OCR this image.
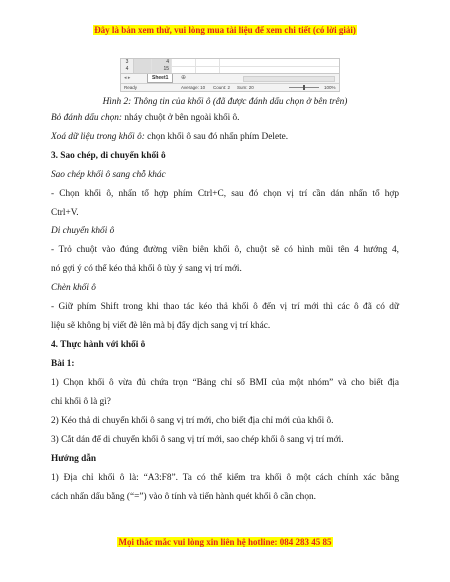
Đây là bản xem thử, vui lòng mua tài liệu để xem chi tiết (có lời giải)
3	4
4	15
◂ ▸	Sheet1	⊕
Ready	Average: 10 Count: 2 Sum: 20	100%
Hình 2: Thông tin của khối ô (đã được đánh dấu chọn ở bên trên)
Bỏ đánh dấu chọn: nháy chuột ở bên ngoài khối ô.
Xoá dữ liệu trong khối ô: chọn khối ô sau đó nhấn phím Delete.
3. Sao chép, di chuyển khối ô
Sao chép khối ô sang chỗ khác
- Chọn khối ô, nhấn tổ hợp phím Ctrl+C, sau đó chọn vị trí cần dán nhấn tổ hợp
Ctrl+V.
Di chuyển khối ô
- Trỏ chuột vào đúng đường viền biên khối ô, chuột sẽ có hình mũi tên 4 hướng 4,
nó gợi ý có thể kéo thả khối ô tùy ý sang vị trí mới.
Chèn khối ô
- Giữ phím Shift trong khi thao tác kéo thả khối ô đến vị trí mới thì các ô đã có dữ
liệu sẽ không bị viết đè lên mà bị đẩy dịch sang vị trí khác.
4. Thực hành với khối ô
Bài 1:
1) Chọn khối ô vừa đủ chứa trọn “Bảng chỉ số BMI của một nhóm” và cho biết địa
chỉ khối ô là gì?
2) Kéo thả di chuyển khối ô sang vị trí mới, cho biết địa chỉ mới của khối ô.
3) Cắt dán để di chuyển khối ô sang vị trí mới, sao chép khối ô sang vị trí mới.
Hướng dẫn
1) Địa chỉ khối ô là: “A3:F8”. Ta có thể kiểm tra khối ô một cách chính xác bằng
cách nhấn dấu bằng (“=”) vào ô tính và tiến hành quét khối ô cần chọn.
Mọi thắc mắc vui lòng xin liên hệ hotline: 084 283 45 85
